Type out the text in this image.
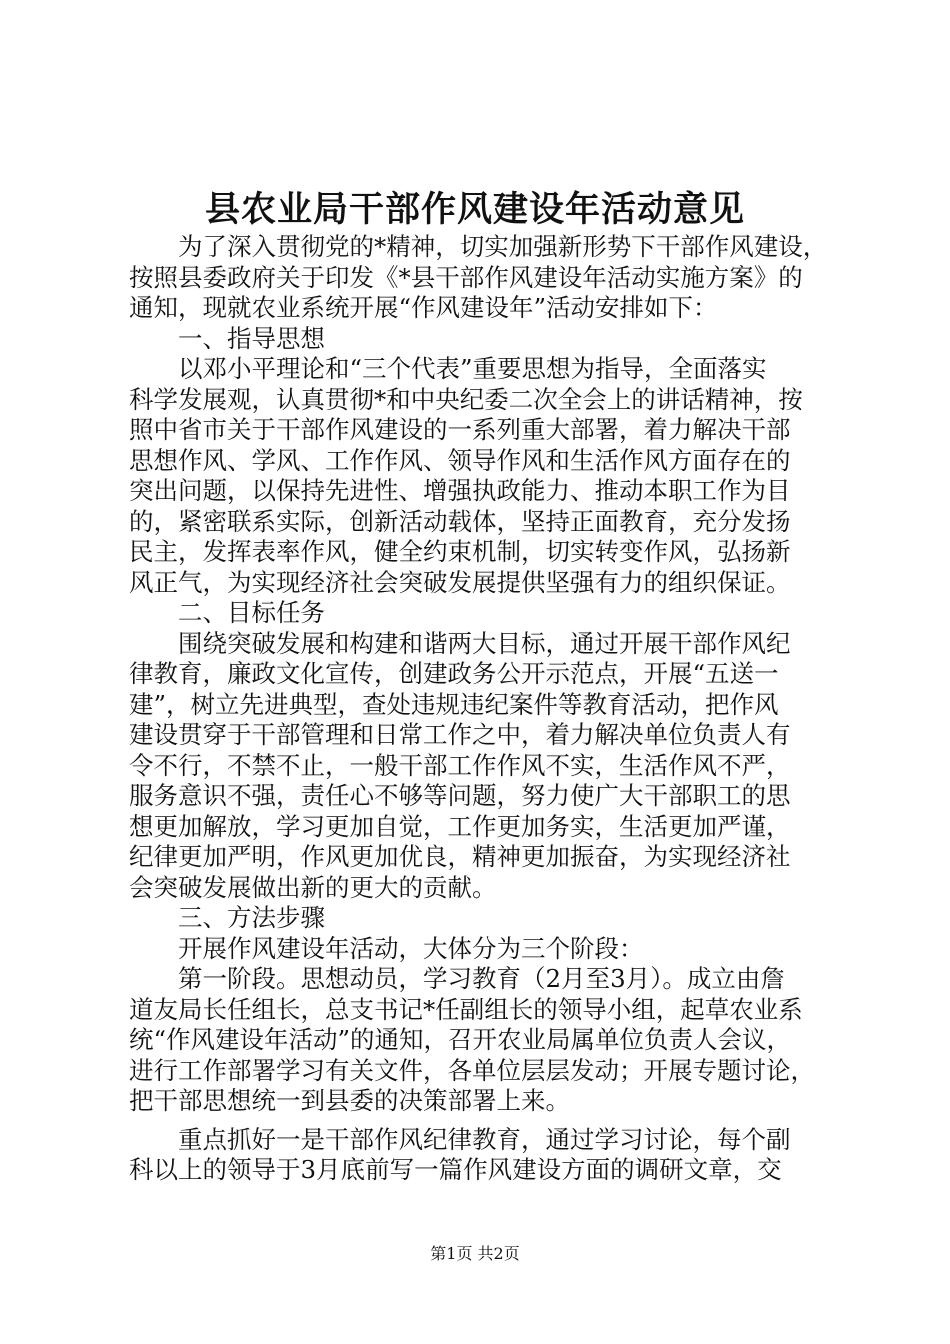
县农业局干部作风建设年活动意见

为了深入贯彻党的*精神，切实加强新形势下干部作风建设，

按照县委政府关于印发《*县干部作风建设年活动实施方案》的

通知，现就农业系统开展“作风建设年”活动安排如下：

一、指导思想

以邓小平理论和“三个代表”重要思想为指导，全面落实

科学发展观，认真贯彻*和中央纪委二次全会上的讲话精神，按

照中省市关于干部作风建设的一系列重大部署，着力解决干部

思想作风、学风、工作作风、领导作风和生活作风方面存在的

突出问题，以保持先进性、增强执政能力、推动本职工作为目

的，紧密联系实际，创新活动载体，坚持正面教育，充分发扬

民主，发挥表率作风，健全约束机制，切实转变作风，弘扬新

风正气，为实现经济社会突破发展提供坚强有力的组织保证。

二、目标任务

围绕突破发展和构建和谐两大目标，通过开展干部作风纪

律教育，廉政文化宣传，创建政务公开示范点，开展“五送一

建”，树立先进典型，查处违规违纪案件等教育活动，把作风

建设贯穿于干部管理和日常工作之中，着力解决单位负责人有

令不行，不禁不止，一般干部工作作风不实，生活作风不严，

服务意识不强，责任心不够等问题，努力使广大干部职工的思

想更加解放，学习更加自觉，工作更加务实，生活更加严谨，

纪律更加严明，作风更加优良，精神更加振奋，为实现经济社

会突破发展做出新的更大的贡献。

三、方法步骤

开展作风建设年活动，大体分为三个阶段：

第一阶段。思想动员，学习教育（2月至3月）。成立由詹

道友局长任组长，总支书记*任副组长的领导小组，起草农业系

统“作风建设年活动”的通知，召开农业局属单位负责人会议，

进行工作部署学习有关文件，各单位层层发动；开展专题讨论，

把干部思想统一到县委的决策部署上来。

重点抓好一是干部作风纪律教育，通过学习讨论，每个副

科以上的领导于3月底前写一篇作风建设方面的调研文章，交

第1页 共2页
